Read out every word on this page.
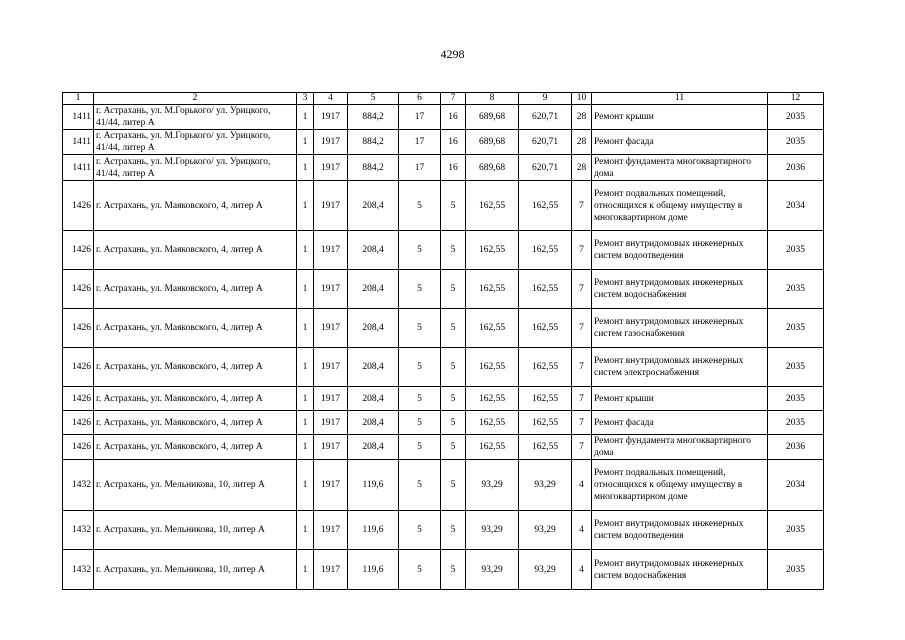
4298
1	2	3	4	5	6	7	8	9	10	11	12
1411	г. Астрахань, ул. М.Горького/ ул. Урицкого, 41/44, литер А	1	1917	884,2	17	16	689,68	620,71	28	Ремонт крыши	2035
1411	г. Астрахань, ул. М.Горького/ ул. Урицкого, 41/44, литер А	1	1917	884,2	17	16	689,68	620,71	28	Ремонт фасада	2035
1411	г. Астрахань, ул. М.Горького/ ул. Урицкого, 41/44, литер А	1	1917	884,2	17	16	689,68	620,71	28	Ремонт фундамента многоквартирного дома	2036
1426	г. Астрахань, ул. Маяковского, 4, литер А	1	1917	208,4	5	5	162,55	162,55	7	Ремонт подвальных помещений, относящихся к общему имуществу в многоквартирном доме	2034
1426	г. Астрахань, ул. Маяковского, 4, литер А	1	1917	208,4	5	5	162,55	162,55	7	Ремонт внутридомовых инженерных систем водоотведения	2035
1426	г. Астрахань, ул. Маяковского, 4, литер А	1	1917	208,4	5	5	162,55	162,55	7	Ремонт внутридомовых инженерных систем водоснабжения	2035
1426	г. Астрахань, ул. Маяковского, 4, литер А	1	1917	208,4	5	5	162,55	162,55	7	Ремонт внутридомовых инженерных систем газоснабжения	2035
1426	г. Астрахань, ул. Маяковского, 4, литер А	1	1917	208,4	5	5	162,55	162,55	7	Ремонт внутридомовых инженерных систем электроснабжения	2035
1426	г. Астрахань, ул. Маяковского, 4, литер А	1	1917	208,4	5	5	162,55	162,55	7	Ремонт крыши	2035
1426	г. Астрахань, ул. Маяковского, 4, литер А	1	1917	208,4	5	5	162,55	162,55	7	Ремонт фасада	2035
1426	г. Астрахань, ул. Маяковского, 4, литер А	1	1917	208,4	5	5	162,55	162,55	7	Ремонт фундамента многоквартирного дома	2036
1432	г. Астрахань, ул. Мельникова, 10, литер А	1	1917	119,6	5	5	93,29	93,29	4	Ремонт подвальных помещений, относящихся к общему имуществу в многоквартирном доме	2034
1432	г. Астрахань, ул. Мельникова, 10, литер А	1	1917	119,6	5	5	93,29	93,29	4	Ремонт внутридомовых инженерных систем водоотведения	2035
1432	г. Астрахань, ул. Мельникова, 10, литер А	1	1917	119,6	5	5	93,29	93,29	4	Ремонт внутридомовых инженерных систем водоснабжения	2035
